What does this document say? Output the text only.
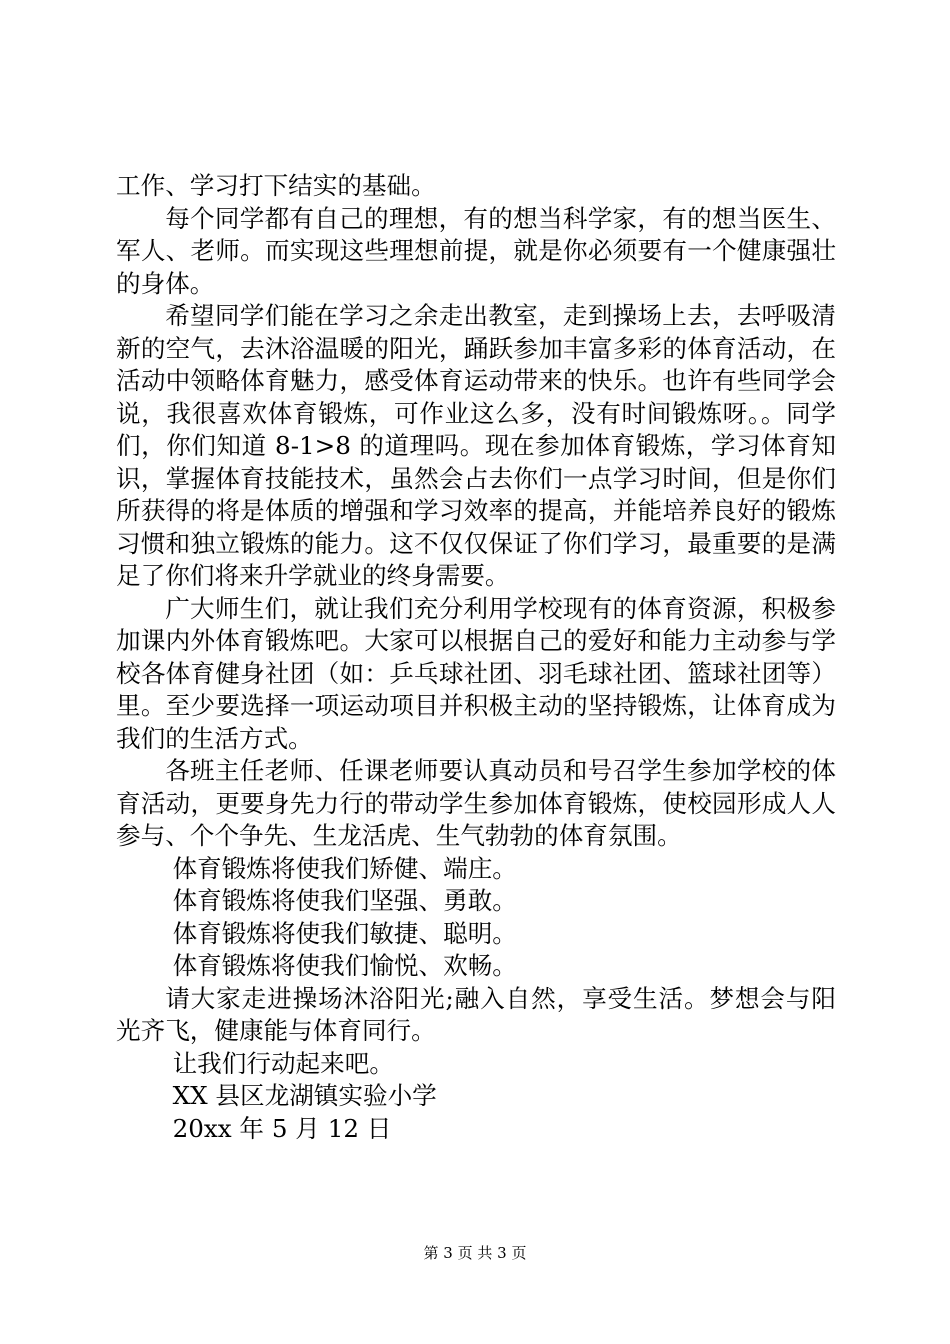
工作、学习打下结实的基础。

每个同学都有自己的理想，有的想当科学家，有的想当医生、军人、老师。而实现这些理想前提，就是你必须要有一个健康强壮的身体。

希望同学们能在学习之余走出教室，走到操场上去，去呼吸清新的空气，去沐浴温暖的阳光，踊跃参加丰富多彩的体育活动，在活动中领略体育魅力，感受体育运动带来的快乐。也许有些同学会说，我很喜欢体育锻炼，可作业这么多，没有时间锻炼呀。。同学们，你们知道 8-1>8 的道理吗。现在参加体育锻炼，学习体育知识，掌握体育技能技术，虽然会占去你们一点学习时间，但是你们所获得的将是体质的增强和学习效率的提高，并能培养良好的锻炼习惯和独立锻炼的能力。这不仅仅保证了你们学习，最重要的是满足了你们将来升学就业的终身需要。

广大师生们，就让我们充分利用学校现有的体育资源，积极参加课内外体育锻炼吧。大家可以根据自己的爱好和能力主动参与学校各体育健身社团（如：乒乓球社团、羽毛球社团、篮球社团等）里。至少要选择一项运动项目并积极主动的坚持锻炼，让体育成为我们的生活方式。

各班主任老师、任课老师要认真动员和号召学生参加学校的体育活动，更要身先力行的带动学生参加体育锻炼，使校园形成人人参与、个个争先、生龙活虎、生气勃勃的体育氛围。

体育锻炼将使我们矫健、端庄。

体育锻炼将使我们坚强、勇敢。

体育锻炼将使我们敏捷、聪明。

体育锻炼将使我们愉悦、欢畅。

请大家走进操场沐浴阳光;融入自然，享受生活。梦想会与阳光齐飞，健康能与体育同行。

让我们行动起来吧。

XX 县区龙湖镇实验小学

20xx 年 5 月 12 日

第 3 页 共 3 页
